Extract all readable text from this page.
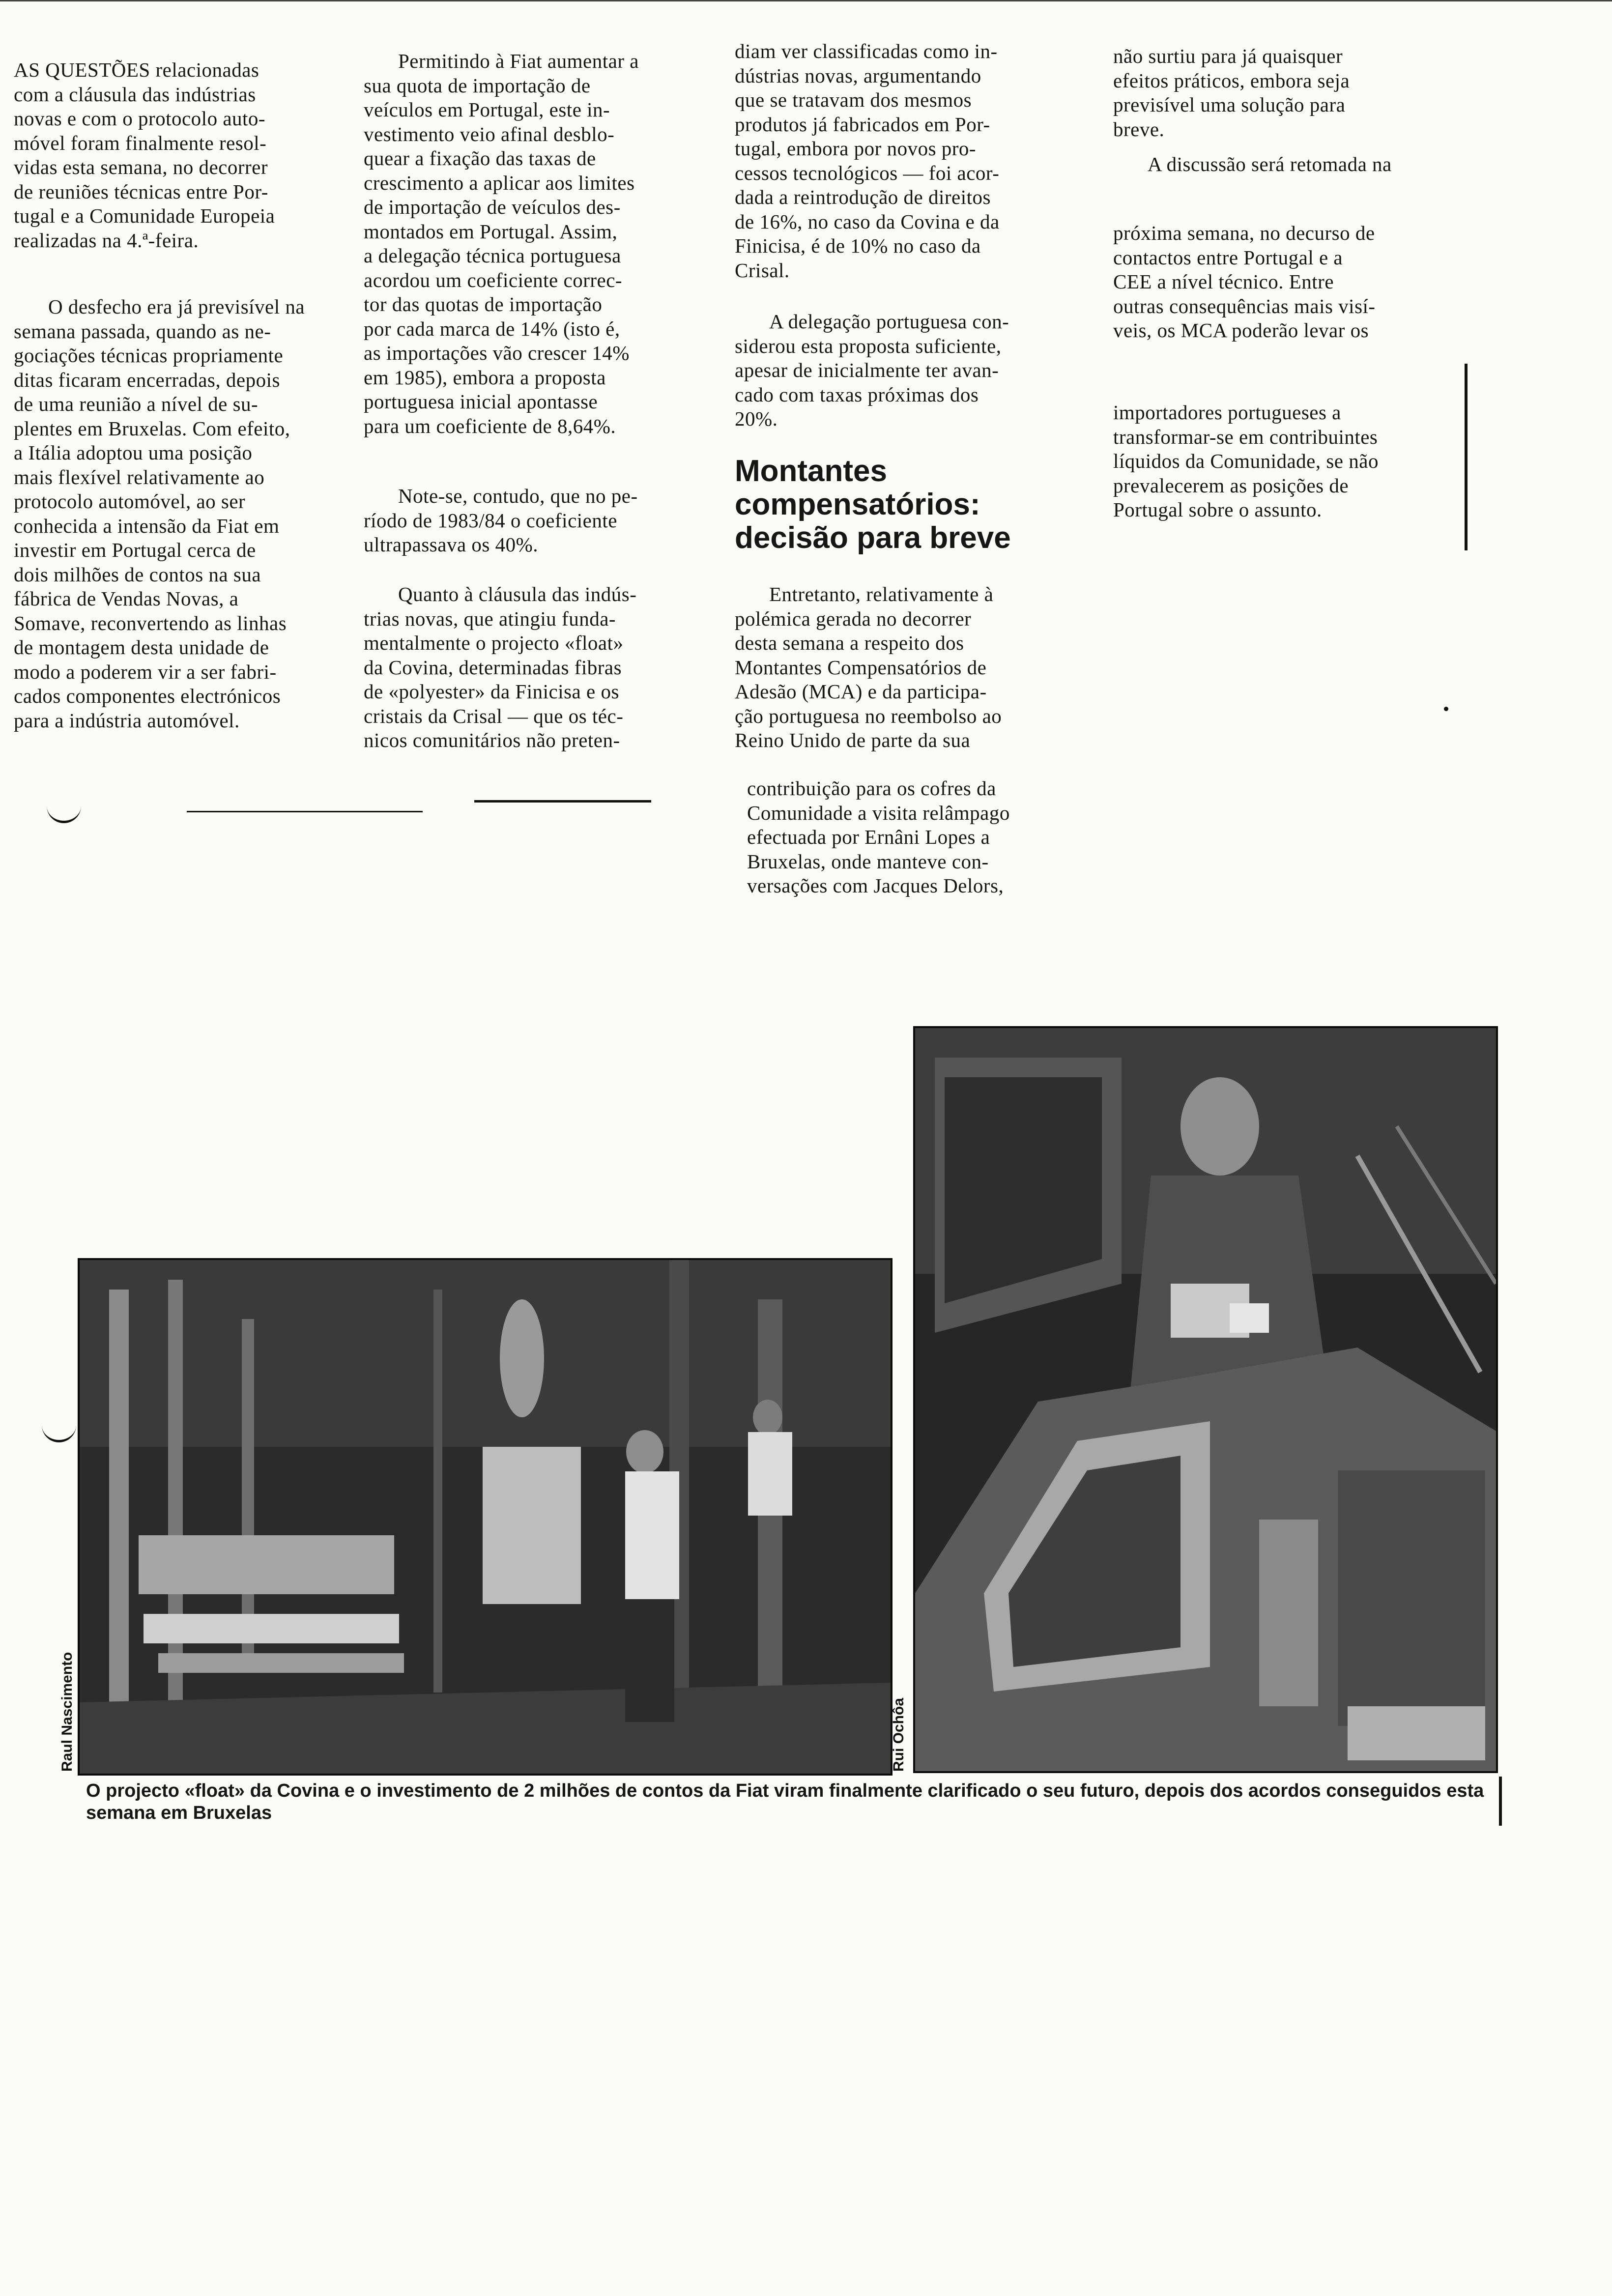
AS QUESTÕES relacionadas
com a cláusula das indústrias
novas e com o protocolo auto-
móvel foram finalmente resol-
vidas esta semana, no decorrer
de reuniões técnicas entre Por-
tugal e a Comunidade Europeia
realizadas na 4.ª-feira.

O desfecho era já previsível na
semana passada, quando as ne-
gociações técnicas propriamente
ditas ficaram encerradas, depois
de uma reunião a nível de su-
plentes em Bruxelas. Com efeito,
a Itália adoptou uma posição
mais flexível relativamente ao
protocolo automóvel, ao ser
conhecida a intensão da Fiat em
investir em Portugal cerca de
dois milhões de contos na sua
fábrica de Vendas Novas, a
Somave, reconvertendo as linhas
de montagem desta unidade de
modo a poderem vir a ser fabri-
cados componentes electrónicos
para a indústria automóvel.

Permitindo à Fiat aumentar a
sua quota de importação de
veículos em Portugal, este in-
vestimento veio afinal desblo-
quear a fixação das taxas de
crescimento a aplicar aos limites
de importação de veículos des-
montados em Portugal. Assim,
a delegação técnica portuguesa
acordou um coeficiente correc-
tor das quotas de importação
por cada marca de 14% (isto é,
as importações vão crescer 14%
em 1985), embora a proposta
portuguesa inicial apontasse
para um coeficiente de 8,64%.

Note-se, contudo, que no pe-
ríodo de 1983/84 o coeficiente
ultrapassava os 40%.

Quanto à cláusula das indús-
trias novas, que atingiu funda-
mentalmente o projecto «float»
da Covina, determinadas fibras
de «polyester» da Finicisa e os
cristais da Crisal — que os téc-
nicos comunitários não preten-

diam ver classificadas como in-
dústrias novas, argumentando
que se tratavam dos mesmos
produtos já fabricados em Por-
tugal, embora por novos pro-
cessos tecnológicos — foi acor-
dada a reintrodução de direitos
de 16%, no caso da Covina e da
Finicisa, é de 10% no caso da
Crisal.

A delegação portuguesa con-
siderou esta proposta suficiente,
apesar de inicialmente ter avan-
cado com taxas próximas dos
20%.

Montantes
compensatórios:
decisão para breve

Entretanto, relativamente à
polémica gerada no decorrer
desta semana a respeito dos
Montantes Compensatórios de
Adesão (MCA) e da participa-
ção portuguesa no reembolso ao
Reino Unido de parte da sua

contribuição para os cofres da
Comunidade a visita relâmpago
efectuada por Ernâni Lopes a
Bruxelas, onde manteve con-
versações com Jacques Delors,

não surtiu para já quaisquer
efeitos práticos, embora seja
previsível uma solução para
breve.

A discussão será retomada na

próxima semana, no decurso de
contactos entre Portugal e a
CEE a nível técnico. Entre
outras consequências mais visí-
veis, os MCA poderão levar os

importadores portugueses a
transformar-se em contribuintes
líquidos da Comunidade, se não
prevalecerem as posições de
Portugal sobre o assunto.

Raul Nascimento	Rui Ochôa

O projecto «float» da Covina e o investimento de 2 milhões de contos da Fiat viram finalmente clarificado o seu futuro, depois dos acordos conseguidos esta semana em Bruxelas
